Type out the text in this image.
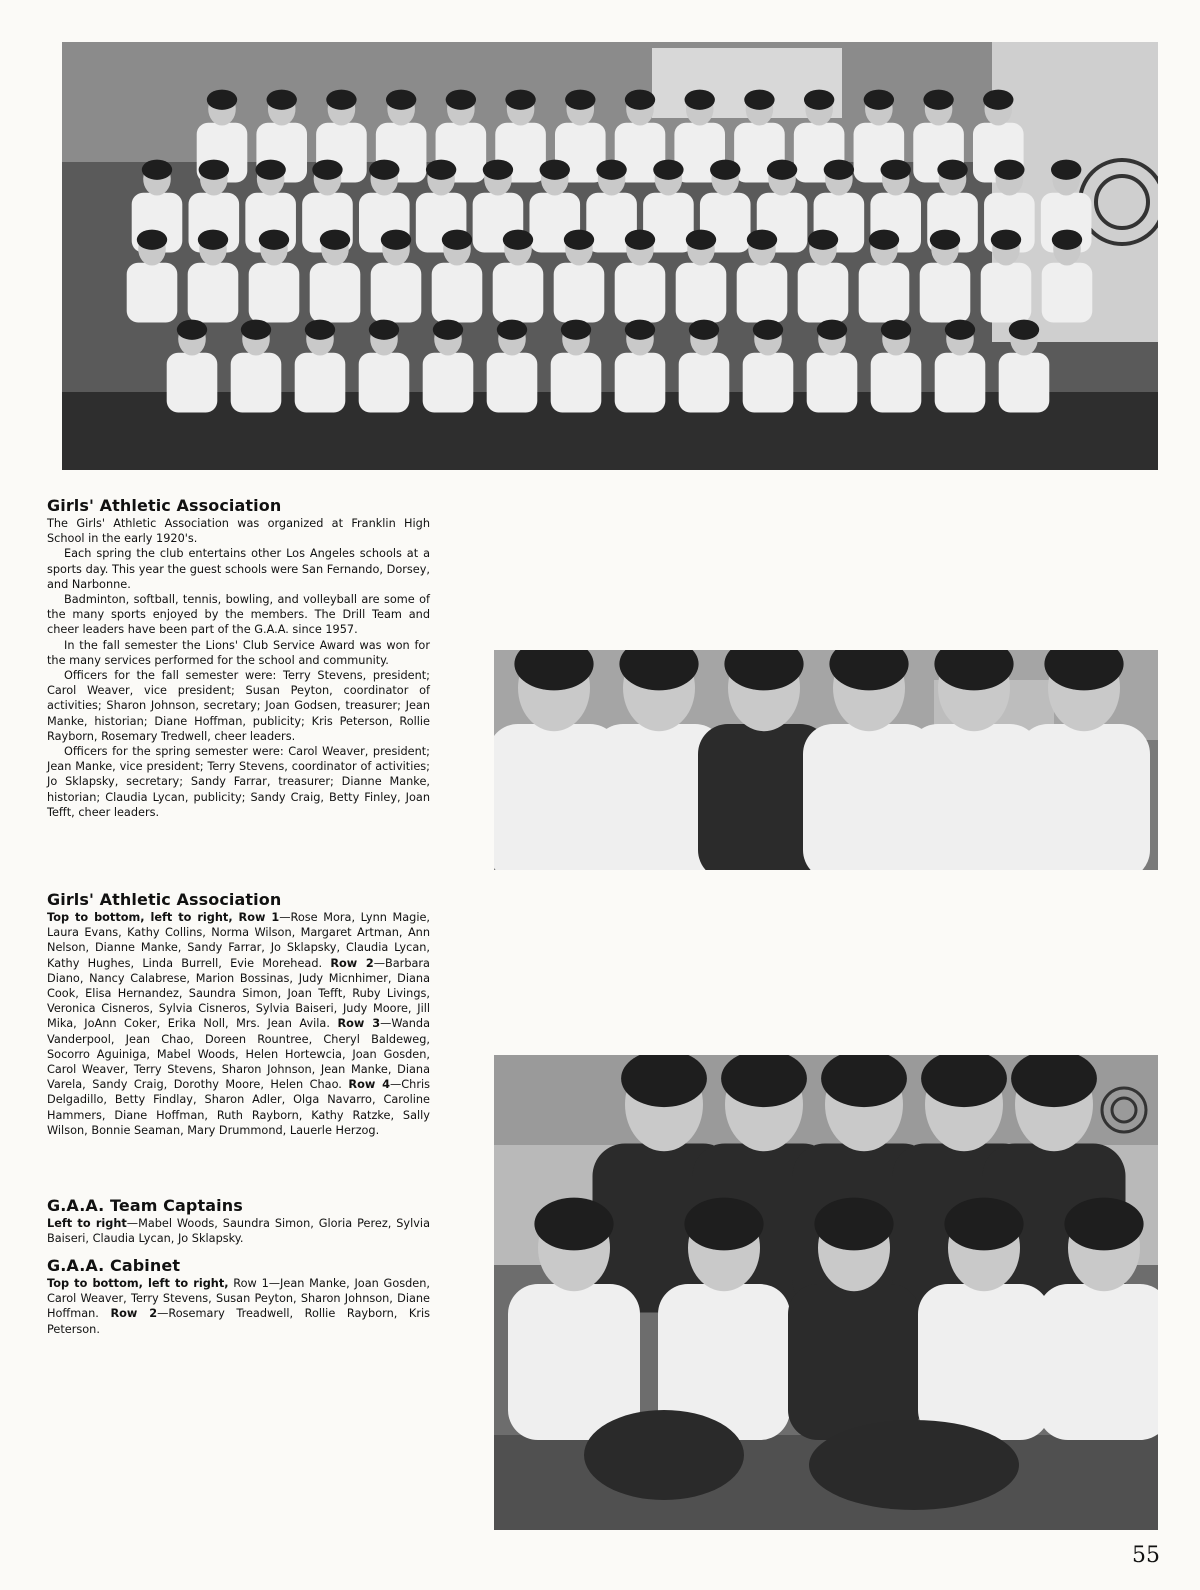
Girls' Athletic Association

The Girls' Athletic Association was organized at Franklin High School in the early 1920's.

Each spring the club entertains other Los Angeles schools at a sports day. This year the guest schools were San Fernando, Dorsey, and Narbonne.

Badminton, softball, tennis, bowling, and volleyball are some of the many sports enjoyed by the members. The Drill Team and cheer leaders have been part of the G.A.A. since 1957.

In the fall semester the Lions' Club Service Award was won for the many services performed for the school and community.

Officers for the fall semester were: Terry Stevens, president; Carol Weaver, vice president; Susan Peyton, coordinator of activities; Sharon Johnson, secretary; Joan Godsen, treasurer; Jean Manke, historian; Diane Hoffman, publicity; Kris Peterson, Rollie Rayborn, Rosemary Tredwell, cheer leaders.

Officers for the spring semester were: Carol Weaver, president; Jean Manke, vice president; Terry Stevens, coordinator of activities; Jo Sklapsky, secretary; Sandy Farrar, treasurer; Dianne Manke, historian; Claudia Lycan, publicity; Sandy Craig, Betty Finley, Joan Tefft, cheer leaders.

Girls' Athletic Association

Top to bottom, left to right, Row 1—Rose Mora, Lynn Magie, Laura Evans, Kathy Collins, Norma Wilson, Margaret Artman, Ann Nelson, Dianne Manke, Sandy Farrar, Jo Sklapsky, Claudia Lycan, Kathy Hughes, Linda Burrell, Evie Morehead. Row 2—Barbara Diano, Nancy Calabrese, Marion Bossinas, Judy Micnhimer, Diana Cook, Elisa Hernandez, Saundra Simon, Joan Tefft, Ruby Livings, Veronica Cisneros, Sylvia Cisneros, Sylvia Baiseri, Judy Moore, Jill Mika, JoAnn Coker, Erika Noll, Mrs. Jean Avila. Row 3—Wanda Vanderpool, Jean Chao, Doreen Rountree, Cheryl Baldeweg, Socorro Aguiniga, Mabel Woods, Helen Hortewcia, Joan Gosden, Carol Weaver, Terry Stevens, Sharon Johnson, Jean Manke, Diana Varela, Sandy Craig, Dorothy Moore, Helen Chao. Row 4—Chris Delgadillo, Betty Findlay, Sharon Adler, Olga Navarro, Caroline Hammers, Diane Hoffman, Ruth Rayborn, Kathy Ratzke, Sally Wilson, Bonnie Seaman, Mary Drummond, Lauerle Herzog.

G.A.A. Team Captains

Left to right—Mabel Woods, Saundra Simon, Gloria Perez, Sylvia Baiseri, Claudia Lycan, Jo Sklapsky.

G.A.A. Cabinet

Top to bottom, left to right, Row 1—Jean Manke, Joan Gosden, Carol Weaver, Terry Stevens, Susan Peyton, Sharon Johnson, Diane Hoffman. Row 2—Rosemary Treadwell, Rollie Rayborn, Kris Peterson.

55
